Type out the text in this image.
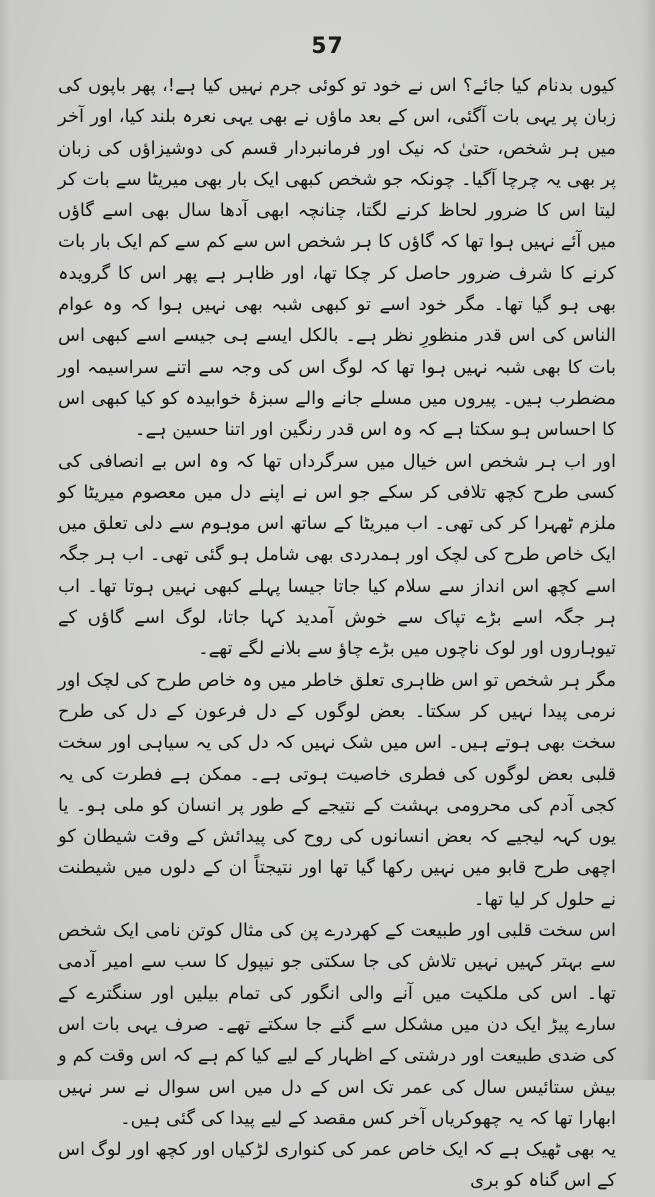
57

کیوں بدنام کیا جائے؟ اس نے خود تو کوئی جرم نہیں کیا ہے!، پھر باپوں کی زبان پر یہی بات آگئی، اس کے بعد ماؤں نے بھی یہی نعرہ بلند کیا، اور آخر میں ہر شخص، حتیٰ کہ نیک اور فرمانبردار قسم کی دوشیزاؤں کی زبان پر بھی یہ چرچا آگیا۔ چونکہ جو شخص کبھی ایک بار بھی میریٹا سے بات کر لیتا اس کا ضرور لحاظ کرنے لگتا، چنانچہ ابھی آدھا سال بھی اسے گاؤں میں آئے نہیں ہوا تھا کہ گاؤں کا ہر شخص اس سے کم سے کم ایک بار بات کرنے کا شرف ضرور حاصل کر چکا تھا، اور ظاہر ہے پھر اس کا گرویدہ بھی ہو گیا تھا۔ مگر خود اسے تو کبھی شبہ بھی نہیں ہوا کہ وہ عوام الناس کی اس قدر منظورِ نظر ہے۔ بالکل ایسے ہی جیسے اسے کبھی اس بات کا بھی شبہ نہیں ہوا تھا کہ لوگ اس کی وجہ سے اتنے سراسیمہ اور مضطرب ہیں۔ پیروں میں مسلے جانے والے سبزۂ خوابیدہ کو کیا کبھی اس کا احساس ہو سکتا ہے کہ وہ اس قدر رنگین اور اتنا حسین ہے۔

اور اب ہر شخص اس خیال میں سرگرداں تھا کہ وہ اس بے انصافی کی کسی طرح کچھ تلافی کر سکے جو اس نے اپنے دل میں معصوم میریٹا کو ملزم ٹھہرا کر کی تھی۔ اب میریٹا کے ساتھ اس موہوم سے دلی تعلق میں ایک خاص طرح کی لچک اور ہمدردی بھی شامل ہو گئی تھی۔ اب ہر جگہ اسے کچھ اس انداز سے سلام کیا جاتا جیسا پہلے کبھی نہیں ہوتا تھا۔ اب ہر جگہ اسے بڑے تپاک سے خوش آمدید کہا جاتا، لوگ اسے گاؤں کے تیوہاروں اور لوک ناچوں میں بڑے چاؤ سے بلانے لگے تھے۔

مگر ہر شخص تو اس ظاہری تعلق خاطر میں وہ خاص طرح کی لچک اور نرمی پیدا نہیں کر سکتا۔ بعض لوگوں کے دل فرعون کے دل کی طرح سخت بھی ہوتے ہیں۔ اس میں شک نہیں کہ دل کی یہ سیاہی اور سخت قلبی بعض لوگوں کی فطری خاصیت ہوتی ہے۔ ممکن ہے فطرت کی یہ کجی آدم کی محرومی بہشت کے نتیجے کے طور پر انسان کو ملی ہو۔ یا یوں کہہ لیجیے کہ بعض انسانوں کی روح کی پیدائش کے وقت شیطان کو اچھی طرح قابو میں نہیں رکھا گیا تھا اور نتیجتاً ان کے دلوں میں شیطنت نے حلول کر لیا تھا۔

اس سخت قلبی اور طبیعت کے کھردرے پن کی مثال کوتن نامی ایک شخص سے بہتر کہیں نہیں تلاش کی جا سکتی جو نیپول کا سب سے امیر آدمی تھا۔ اس کی ملکیت میں آنے والی انگور کی تمام بیلیں اور سنگترے کے سارے پیڑ ایک دن میں مشکل سے گنے جا سکتے تھے۔ صرف یہی بات اس کی ضدی طبیعت اور درشتی کے اظہار کے لیے کیا کم ہے کہ اس وقت کم و بیش ستائیس سال کی عمر تک اس کے دل میں اس سوال نے سر نہیں ابھارا تھا کہ یہ چھوکریاں آخر کس مقصد کے لیے پیدا کی گئی ہیں۔

یہ بھی ٹھیک ہے کہ ایک خاص عمر کی کنواری لڑکیاں اور کچھ اور لوگ اس کے اس گناہ کو بری
